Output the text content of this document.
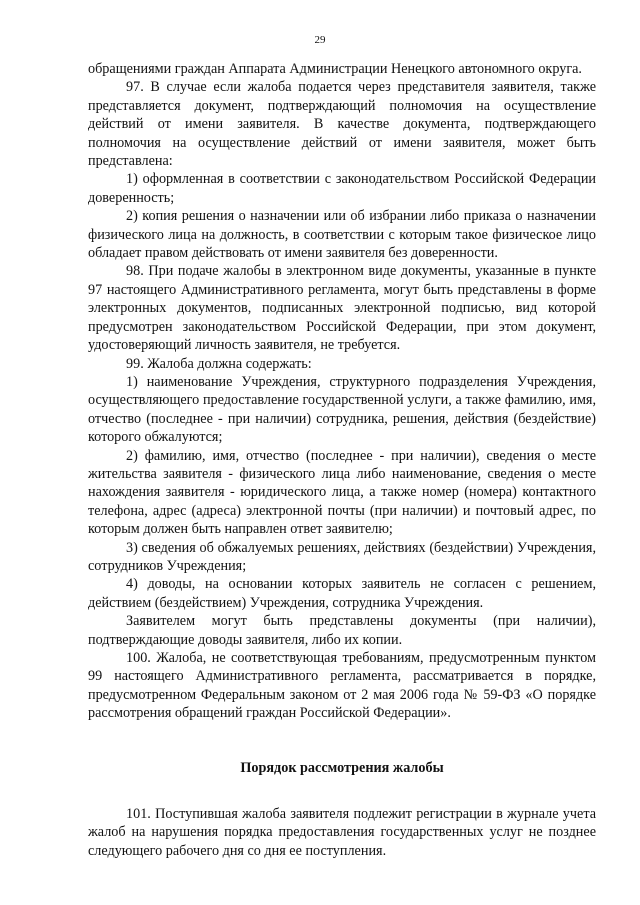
29

обращениями граждан Аппарата Администрации Ненецкого автономного округа.

97. В случае если жалоба подается через представителя заявителя, также представляется документ, подтверждающий полномочия на осуществление действий от имени заявителя. В качестве документа, подтверждающего полномочия на осуществление действий от имени заявителя, может быть представлена:

1) оформленная в соответствии с законодательством Российской Федерации доверенность;

2) копия решения о назначении или об избрании либо приказа о назначении физического лица на должность, в соответствии с которым такое физическое лицо обладает правом действовать от имени заявителя без доверенности.

98. При подаче жалобы в электронном виде документы, указанные в пункте 97 настоящего Административного регламента, могут быть представлены в форме электронных документов, подписанных электронной подписью, вид которой предусмотрен законодательством Российской Федерации, при этом документ, удостоверяющий личность заявителя, не требуется.

99. Жалоба должна содержать:

1) наименование Учреждения, структурного подразделения Учреждения, осуществляющего предоставление государственной услуги, а также фамилию, имя, отчество (последнее - при наличии) сотрудника, решения, действия (бездействие) которого обжалуются;

2) фамилию, имя, отчество (последнее - при наличии), сведения о месте жительства заявителя - физического лица либо наименование, сведения о месте нахождения заявителя - юридического лица, а также номер (номера) контактного телефона, адрес (адреса) электронной почты (при наличии) и почтовый адрес, по которым должен быть направлен ответ заявителю;

3) сведения об обжалуемых решениях, действиях (бездействии) Учреждения, сотрудников Учреждения;

4) доводы, на основании которых заявитель не согласен с решением, действием (бездействием) Учреждения, сотрудника Учреждения.

Заявителем могут быть представлены документы (при наличии), подтверждающие доводы заявителя, либо их копии.

100. Жалоба, не соответствующая требованиям, предусмотренным пунктом 99 настоящего Административного регламента, рассматривается в порядке, предусмотренном Федеральным законом от 2 мая 2006 года № 59-ФЗ «О порядке рассмотрения обращений граждан Российской Федерации».

Порядок рассмотрения жалобы

101. Поступившая жалоба заявителя подлежит регистрации в журнале учета жалоб на нарушения порядка предоставления государственных услуг не позднее следующего рабочего дня со дня ее поступления.
